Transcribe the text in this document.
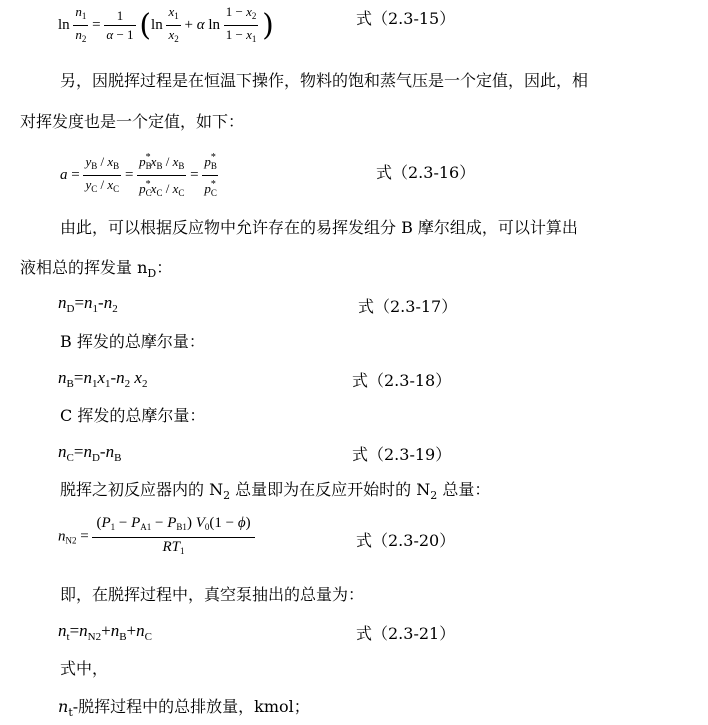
$\ln \frac{n_1}{n_2} = \frac{1}{\alpha - 1} (\ln \frac{x_1}{x_2} + \alpha$ $\ln \frac{1 - x_2}{1 - x_1}$ )	式（2.3-15）
另，因脱挥过程是在恒温下操作，物料的饱和蒸气压是一个定值，因此，相
对挥发度也是一个定值，如下：
$a = \frac{y_B / x_B}{y_C / x_C} = \frac{p_B^*x_B / x_B}{p_C^*x_C / x_C} = \frac{p_B^*}{p_C^*}$	式（2.3-16）
由此，可以根据反应物中允许存在的易挥发组分 B 摩尔组成，可以计算出
液相总的挥发量 $n_D$：
$n_D=n_1-n_2$	式（2.3-17）
B 挥发的总摩尔量：
$n_B=n_1x_1-n_2$ $x_2$	式（2.3-18）
C 挥发的总摩尔量：
$n_C=n_D-n_B$	式（2.3-19）
脱挥之初反应器内的 $N_2$ 总量即为在反应开始时的 $N_2$ 总量：
$n_{N2} = \frac{(P_1 - P_{A1} - P_{B1}) V_0(1 - \phi)}{RT_1}$	式（2.3-20）
即，在脱挥过程中，真空泵抽出的总量为：
$n_t=n_{N2}+n_B+n_C$	式（2.3-21）
式中，
$n_t-$脱挥过程中的总排放量，kmol；
